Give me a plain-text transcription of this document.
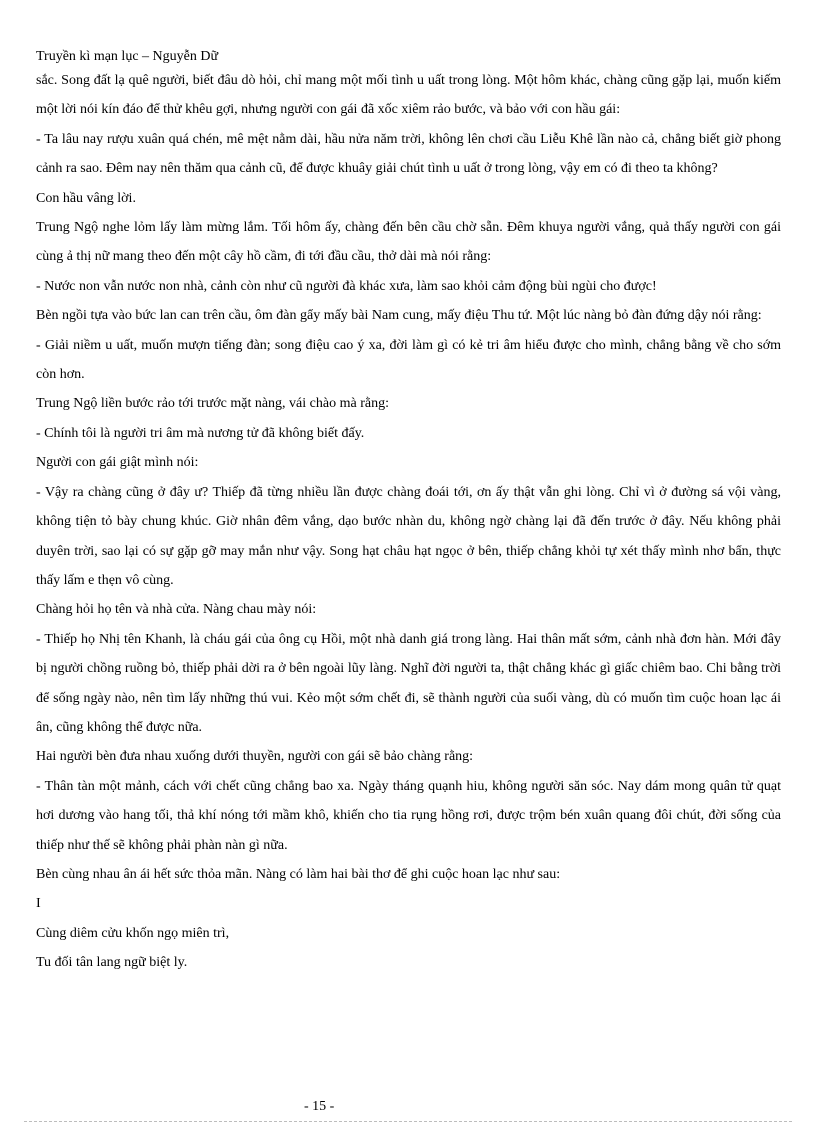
Truyền kì mạn lục – Nguyễn Dữ

sắc. Song đất lạ quê người, biết đâu dò hỏi, chỉ mang một mối tình u uất trong lòng. Một hôm khác, chàng cũng gặp lại, muốn kiếm một lời nói kín đáo để thử khêu gợi, nhưng người con gái đã xốc xiêm rảo bước, và bảo với con hầu gái:

- Ta lâu nay rượu xuân quá chén, mê mệt nằm dài, hầu nửa năm trời, không lên chơi cầu Liễu Khê lần nào cả, chẳng biết giờ phong cảnh ra sao. Đêm nay nên thăm qua cảnh cũ, để được khuây giải chút tình u uất ở trong lòng, vậy em có đi theo ta không?

Con hầu vâng lời.

Trung Ngộ nghe lỏm lấy làm mừng lắm. Tối hôm ấy, chàng đến bên cầu chờ sẵn. Đêm khuya người vắng, quả thấy người con gái cùng ả thị nữ mang theo đến một cây hồ cầm, đi tới đầu cầu, thở dài mà nói rằng:

- Nước non vẫn nước non nhà, cảnh còn như cũ người đà khác xưa, làm sao khỏi cảm động bùi ngùi cho được!

Bèn ngồi tựa vào bức lan can trên cầu, ôm đàn gẩy mấy bài Nam cung, mấy điệu Thu tứ. Một lúc nàng bỏ đàn đứng dậy nói rằng:

- Giải niềm u uất, muốn mượn tiếng đàn; song điệu cao ý xa, đời làm gì có kẻ tri âm hiểu được cho mình, chẳng bằng về cho sớm còn hơn.

Trung Ngộ liền bước rảo tới trước mặt nàng, vái chào mà rằng:

- Chính tôi là người tri âm mà nương tử đã không biết đấy.

Người con gái giật mình nói:

- Vậy ra chàng cũng ở đây ư? Thiếp đã từng nhiều lần được chàng đoái tới, ơn ấy thật vẫn ghi lòng. Chỉ vì ở đường sá vội vàng, không tiện tỏ bày chung khúc. Giờ nhân đêm vắng, dạo bước nhàn du, không ngờ chàng lại đã đến trước ở đây. Nếu không phải duyên trời, sao lại có sự gặp gỡ may mắn như vậy. Song hạt châu hạt ngọc ở bên, thiếp chẳng khỏi tự xét thấy mình nhơ bẩn, thực thấy lấm e thẹn vô cùng.

Chàng hỏi họ tên và nhà cửa. Nàng chau mày nói:

- Thiếp họ Nhị tên Khanh, là cháu gái của ông cụ Hồi, một nhà danh giá trong làng. Hai thân mất sớm, cảnh nhà đơn hàn. Mới đây bị người chồng ruồng bỏ, thiếp phải dời ra ở bên ngoài lũy làng. Nghĩ đời người ta, thật chẳng khác gì giấc chiêm bao. Chi bằng trời để sống ngày nào, nên tìm lấy những thú vui. Kẻo một sớm chết đi, sẽ thành người của suối vàng, dù có muốn tìm cuộc hoan lạc ái ân, cũng không thể được nữa.

Hai người bèn đưa nhau xuống dưới thuyền, người con gái sẽ bảo chàng rằng:

- Thân tàn một mảnh, cách với chết cũng chẳng bao xa. Ngày tháng quạnh hiu, không người săn sóc. Nay dám mong quân tử quạt hơi dương vào hang tối, thả khí nóng tới mầm khô, khiến cho tia rụng hồng rơi, được trộm bén xuân quang đôi chút, đời sống của thiếp như thế sẽ không phải phàn nàn gì nữa.

Bèn cùng nhau ân ái hết sức thỏa mãn. Nàng có làm hai bài thơ để ghi cuộc hoan lạc như sau:

I

Cùng diêm cửu khốn ngọ miên trì,

Tu đối tân lang ngữ biệt ly.

- 15 -
